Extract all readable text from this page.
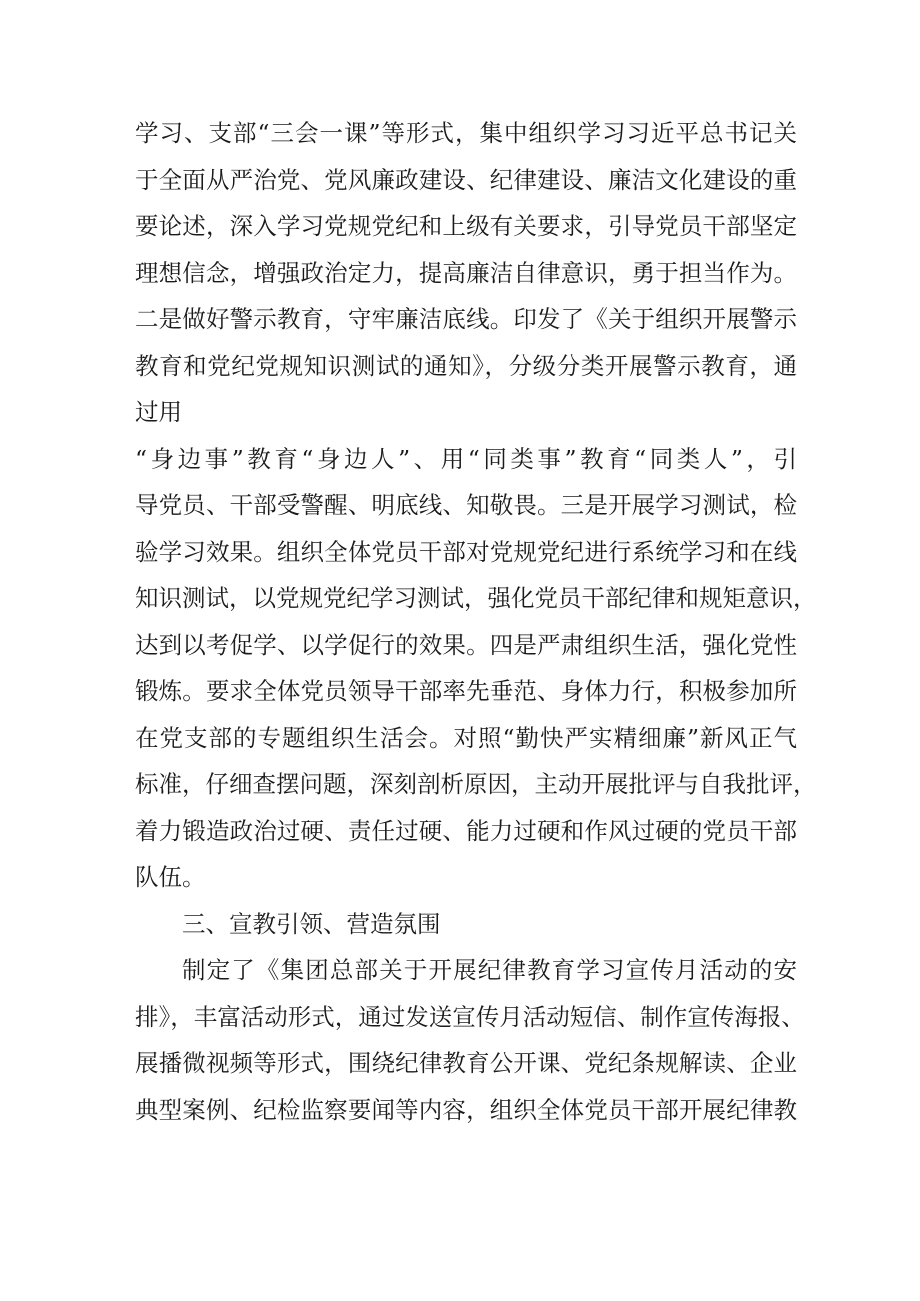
学习、支部“三会一课”等形式，集中组织学习习近平总书记关
于全面从严治党、党风廉政建设、纪律建设、廉洁文化建设的重
要论述，深入学习党规党纪和上级有关要求，引导党员干部坚定
理想信念，增强政治定力，提高廉洁自律意识，勇于担当作为。
二是做好警示教育，守牢廉洁底线。印发了《关于组织开展警示
教育和党纪党规知识测试的通知》，分级分类开展警示教育，通
过用
“身边事”教育“身边人”、用“同类事”教育“同类人”，引
导党员、干部受警醒、明底线、知敬畏。三是开展学习测试，检
验学习效果。组织全体党员干部对党规党纪进行系统学习和在线
知识测试，以党规党纪学习测试，强化党员干部纪律和规矩意识，
达到以考促学、以学促行的效果。四是严肃组织生活，强化党性
锻炼。要求全体党员领导干部率先垂范、身体力行，积极参加所
在党支部的专题组织生活会。对照“勤快严实精细廉”新风正气
标准，仔细查摆问题，深刻剖析原因，主动开展批评与自我批评，
着力锻造政治过硬、责任过硬、能力过硬和作风过硬的党员干部
队伍。
三、宣教引领、营造氛围
制定了《集团总部关于开展纪律教育学习宣传月活动的安
排》，丰富活动形式，通过发送宣传月活动短信、制作宣传海报、
展播微视频等形式，围绕纪律教育公开课、党纪条规解读、企业
典型案例、纪检监察要闻等内容，组织全体党员干部开展纪律教
